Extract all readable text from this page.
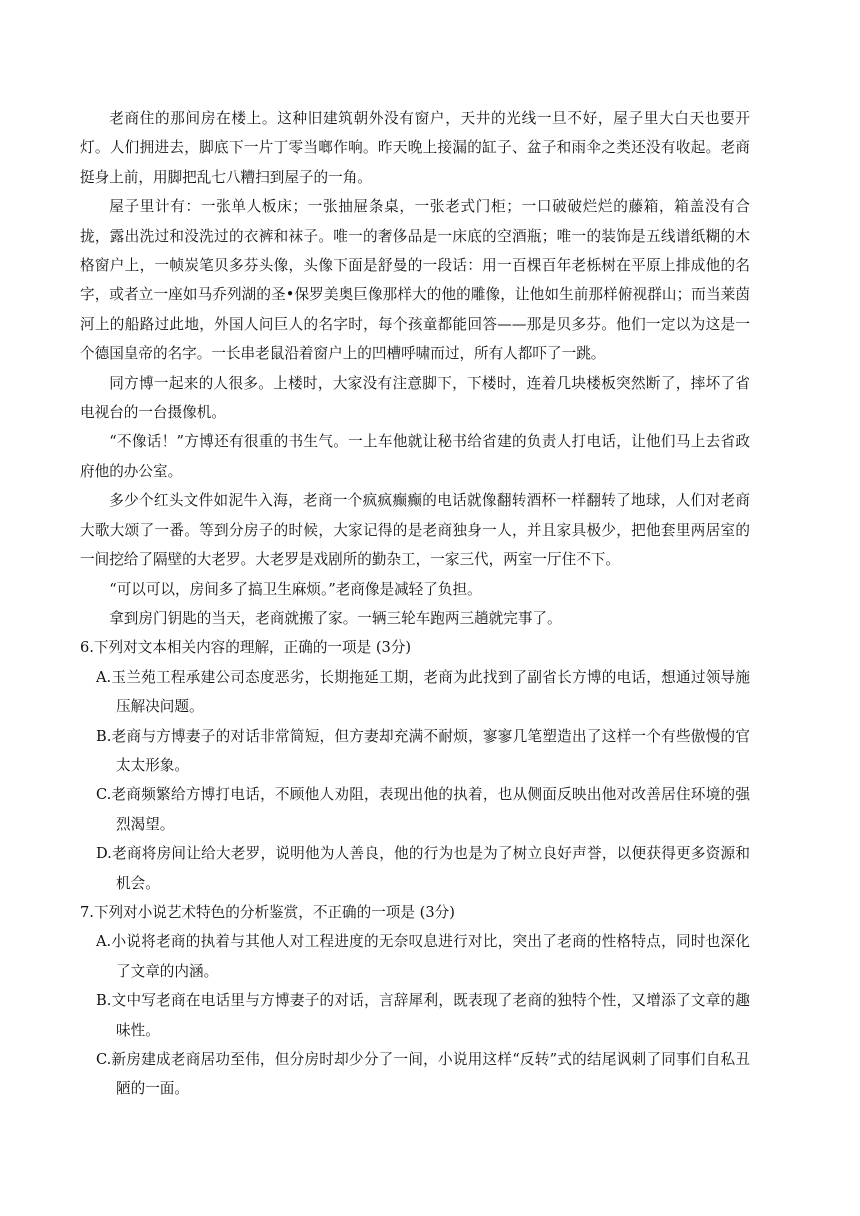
老商住的那间房在楼上。这种旧建筑朝外没有窗户，天井的光线一旦不好，屋子里大白天也要开灯。人们拥进去，脚底下一片丁零当啷作响。昨天晚上接漏的缸子、盆子和雨伞之类还没有收起。老商挺身上前，用脚把乱七八糟扫到屋子的一角。

屋子里计有：一张单人板床；一张抽屉条桌，一张老式门柜；一口破破烂烂的藤箱，箱盖没有合拢，露出洗过和没洗过的衣裤和袜子。唯一的奢侈品是一床底的空酒瓶；唯一的装饰是五线谱纸糊的木格窗户上，一帧炭笔贝多芬头像，头像下面是舒曼的一段话：用一百棵百年老栎树在平原上排成他的名字，或者立一座如马乔列湖的圣•保罗美奥巨像那样大的他的雕像，让他如生前那样俯视群山；而当莱茵河上的船路过此地，外国人问巨人的名字时，每个孩童都能回答——那是贝多芬。他们一定以为这是一个德国皇帝的名字。一长串老鼠沿着窗户上的凹槽呼啸而过，所有人都吓了一跳。

同方博一起来的人很多。上楼时，大家没有注意脚下，下楼时，连着几块楼板突然断了，摔坏了省电视台的一台摄像机。

“不像话！”方博还有很重的书生气。一上车他就让秘书给省建的负责人打电话，让他们马上去省政府他的办公室。

多少个红头文件如泥牛入海，老商一个疯疯癫癫的电话就像翻转酒杯一样翻转了地球，人们对老商大歌大颂了一番。等到分房子的时候，大家记得的是老商独身一人，并且家具极少，把他套里两居室的一间挖给了隔壁的大老罗。大老罗是戏剧所的勤杂工，一家三代，两室一厅住不下。

“可以可以，房间多了搞卫生麻烦。”老商像是减轻了负担。

拿到房门钥匙的当天，老商就搬了家。一辆三轮车跑两三趟就完事了。

6.下列对文本相关内容的理解，正确的一项是 (3分)

A.玉兰苑工程承建公司态度恶劣，长期拖延工期，老商为此找到了副省长方博的电话，想通过领导施压解决问题。

B.老商与方博妻子的对话非常简短，但方妻却充满不耐烦，寥寥几笔塑造出了这样一个有些傲慢的官太太形象。

C.老商频繁给方博打电话，不顾他人劝阻，表现出他的执着，也从侧面反映出他对改善居住环境的强烈渴望。

D.老商将房间让给大老罗，说明他为人善良，他的行为也是为了树立良好声誉，以便获得更多资源和机会。

7.下列对小说艺术特色的分析鉴赏，不正确的一项是 (3分)

A.小说将老商的执着与其他人对工程进度的无奈叹息进行对比，突出了老商的性格特点，同时也深化了文章的内涵。

B.文中写老商在电话里与方博妻子的对话，言辞犀利，既表现了老商的独特个性，又增添了文章的趣味性。

C.新房建成老商居功至伟，但分房时却少分了一间，小说用这样“反转”式的结尾讽刺了同事们自私丑陋的一面。
